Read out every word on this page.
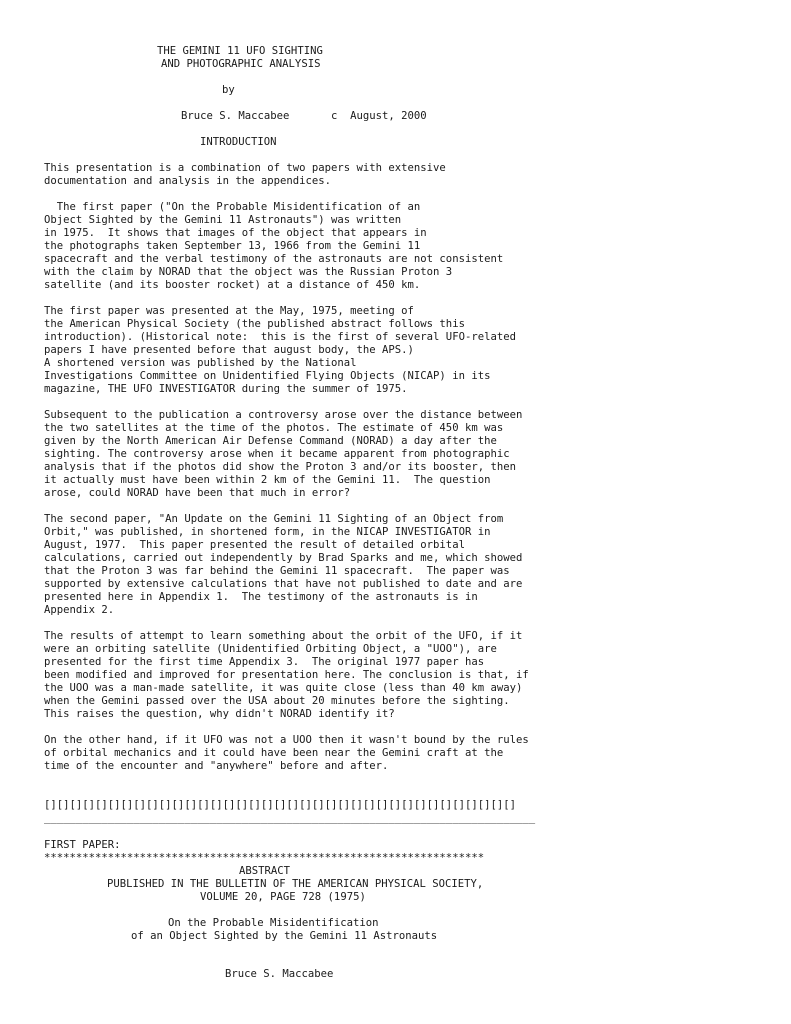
THE GEMINI 11 UFO SIGHTING
AND PHOTOGRAPHIC ANALYSIS
by
Bruce S. Maccabee	c  August, 2000
INTRODUCTION
This presentation is a combination of two papers with extensive
documentation and analysis in the appendices.
The first paper ("On the Probable Misidentification of an
Object Sighted by the Gemini 11 Astronauts") was written
in 1975.  It shows that images of the object that appears in
the photographs taken September 13, 1966 from the Gemini 11
spacecraft and the verbal testimony of the astronauts are not consistent
with the claim by NORAD that the object was the Russian Proton 3
satellite (and its booster rocket) at a distance of 450 km.
The first paper was presented at the May, 1975, meeting of
the American Physical Society (the published abstract follows this
introduction). (Historical note:  this is the first of several UFO-related
papers I have presented before that august body, the APS.)
A shortened version was published by the National
Investigations Committee on Unidentified Flying Objects (NICAP) in its
magazine, THE UFO INVESTIGATOR during the summer of 1975.
Subsequent to the publication a controversy arose over the distance between
the two satellites at the time of the photos. The estimate of 450 km was
given by the North American Air Defense Command (NORAD) a day after the
sighting. The controversy arose when it became apparent from photographic
analysis that if the photos did show the Proton 3 and/or its booster, then
it actually must have been within 2 km of the Gemini 11.  The question
arose, could NORAD have been that much in error?
The second paper, "An Update on the Gemini 11 Sighting of an Object from
Orbit," was published, in shortened form, in the NICAP INVESTIGATOR in
August, 1977.  This paper presented the result of detailed orbital
calculations, carried out independently by Brad Sparks and me, which showed
that the Proton 3 was far behind the Gemini 11 spacecraft.  The paper was
supported by extensive calculations that have not published to date and are
presented here in Appendix 1.  The testimony of the astronauts is in
Appendix 2.
The results of attempt to learn something about the orbit of the UFO, if it
were an orbiting satellite (Unidentified Orbiting Object, a "UOO"), are
presented for the first time Appendix 3.  The original 1977 paper has
been modified and improved for presentation here. The conclusion is that, if
the UOO was a man-made satellite, it was quite close (less than 40 km away)
when the Gemini passed over the USA about 20 minutes before the sighting.
This raises the question, why didn't NORAD identify it?
On the other hand, if it UFO was not a UOO then it wasn't bound by the rules
of orbital mechanics and it could have been near the Gemini craft at the
time of the encounter and "anywhere" before and after.
[][][][][][][][][][][][][][][][][][][][][][][][][][][][][][][][][][][][][]
_____________________________________________________________________________
FIRST PAPER:
*********************************************************************
ABSTRACT
PUBLISHED IN THE BULLETIN OF THE AMERICAN PHYSICAL SOCIETY,
VOLUME 20, PAGE 728 (1975)
On the Probable Misidentification
of an Object Sighted by the Gemini 11 Astronauts
Bruce S. Maccabee
